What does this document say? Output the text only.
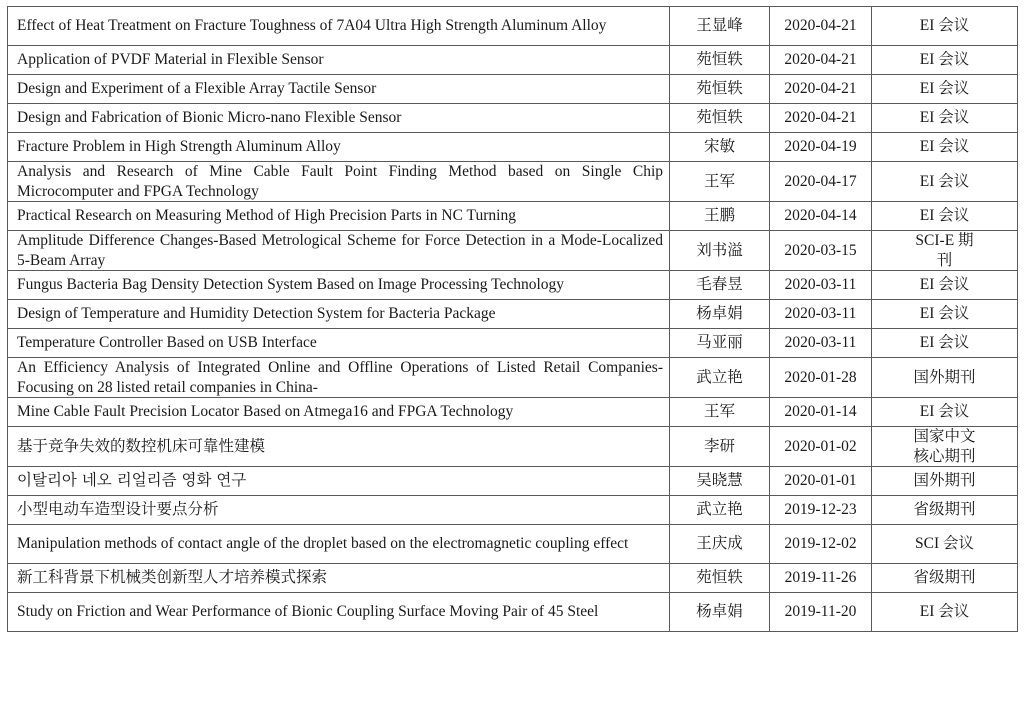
Effect of Heat Treatment on Fracture Toughness of 7A04 Ultra High Strength Aluminum Alloy	王显峰	2020-04-21	EI 会议
Application of PVDF Material in Flexible Sensor	苑恒轶	2020-04-21	EI 会议
Design and Experiment of a Flexible Array Tactile Sensor	苑恒轶	2020-04-21	EI 会议
Design and Fabrication of Bionic Micro-nano Flexible Sensor	苑恒轶	2020-04-21	EI 会议
Fracture Problem in High Strength Aluminum Alloy	宋敏	2020-04-19	EI 会议
Analysis and Research of Mine Cable Fault Point Finding Method based on Single Chip Microcomputer and FPGA Technology	王军	2020-04-17	EI 会议
Practical Research on Measuring Method of High Precision Parts in NC Turning	王鹏	2020-04-14	EI 会议
Amplitude Difference Changes-Based Metrological Scheme for Force Detection in a Mode-Localized 5-Beam Array	刘书溢	2020-03-15	SCI-E 期刊
Fungus Bacteria Bag Density Detection System Based on Image Processing Technology	毛春昱	2020-03-11	EI 会议
Design of Temperature and Humidity Detection System for Bacteria Package	杨卓娟	2020-03-11	EI 会议
Temperature Controller Based on USB Interface	马亚丽	2020-03-11	EI 会议
An Efficiency Analysis of Integrated Online and Offline Operations of Listed Retail Companies-Focusing on 28 listed retail companies in China-	武立艳	2020-01-28	国外期刊
Mine Cable Fault Precision Locator Based on Atmega16 and FPGA Technology	王军	2020-01-14	EI 会议
基于竞争失效的数控机床可靠性建模	李研	2020-01-02	国家中文核心期刊
이탈리아 네오 리얼리즘 영화 연구	吴晓慧	2020-01-01	国外期刊
小型电动车造型设计要点分析	武立艳	2019-12-23	省级期刊
Manipulation methods of contact angle of the droplet based on the electromagnetic coupling effect	王庆成	2019-12-02	SCI 会议
新工科背景下机械类创新型人才培养模式探索	苑恒轶	2019-11-26	省级期刊
Study on Friction and Wear Performance of Bionic Coupling Surface Moving Pair of 45 Steel	杨卓娟	2019-11-20	EI 会议
